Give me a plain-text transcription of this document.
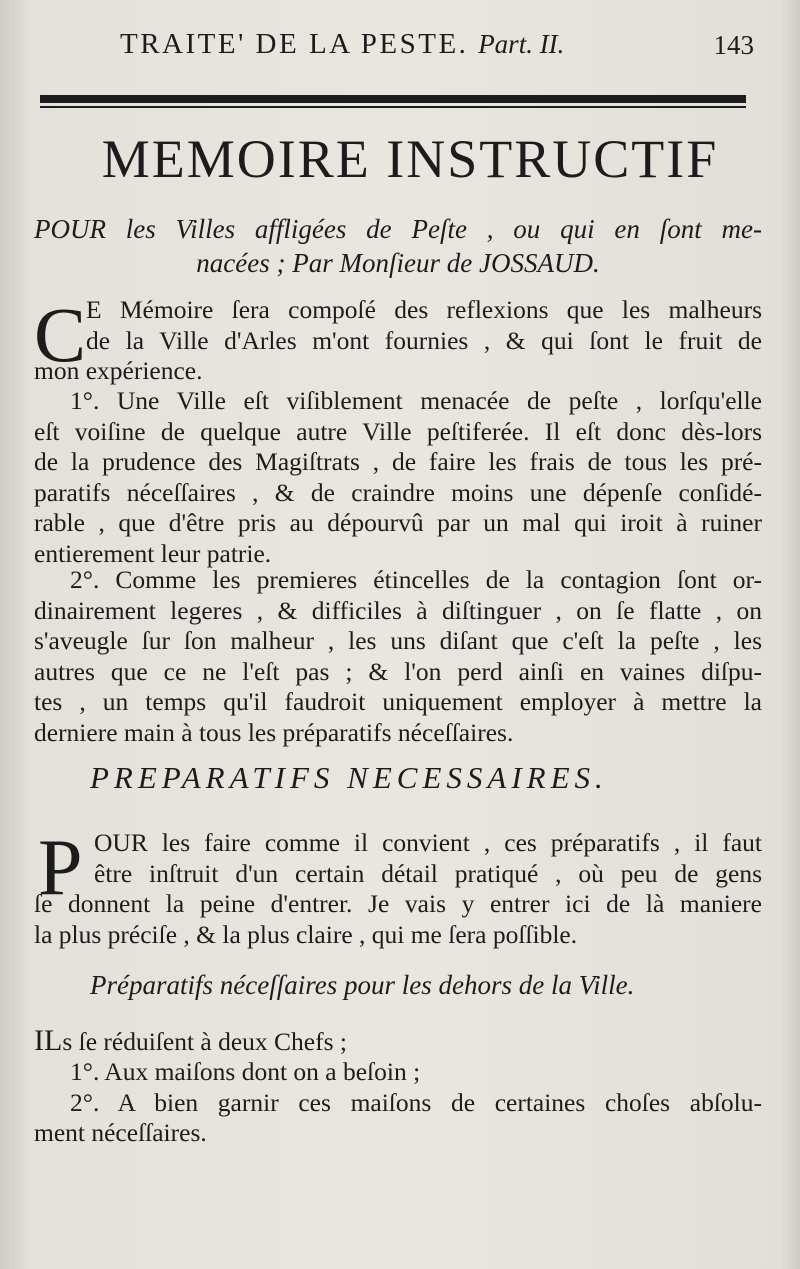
TRAITE' DE LA PESTE. Part. II.	143
MEMOIRE INSTRUCTIF
POUR les Villes affligées de Peſte , ou qui en ſont me-
nacées ; Par Monſieur de JOSSAUD.
C E Mémoire ſera compoſé des reflexions que les malheurs
de la Ville d'Arles m'ont fournies , & qui ſont le fruit de
mon expérience.
1°. Une Ville eſt viſiblement menacée de peſte , lorſqu'elle
eſt voiſine de quelque autre Ville peſtiferée. Il eſt donc dès-lors
de la prudence des Magiſtrats , de faire les frais de tous les pré-
paratifs néceſſaires , & de craindre moins une dépenſe conſidé-
rable , que d'être pris au dépourvû par un mal qui iroit à ruiner
entierement leur patrie.
2°. Comme les premieres étincelles de la contagion ſont or-
dinairement legeres , & difficiles à diſtinguer , on ſe flatte , on
s'aveugle ſur ſon malheur , les uns diſant que c'eſt la peſte , les
autres que ce ne l'eſt pas ; & l'on perd ainſi en vaines diſpu-
tes , un temps qu'il faudroit uniquement employer à mettre la
derniere main à tous les préparatifs néceſſaires.
PREPARATIFS NECESSAIRES.
P OUR les faire comme il convient , ces préparatifs , il faut
être inſtruit d'un certain détail pratiqué , où peu de gens
ſe donnent la peine d'entrer. Je vais y entrer ici de là maniere
la plus préciſe , & la plus claire , qui me ſera poſſible.
Préparatifs néceſſaires pour les dehors de la Ville.
ILs ſe réduiſent à deux Chefs ;
1°. Aux maiſons dont on a beſoin ;
2°. A bien garnir ces maiſons de certaines choſes abſolu-
ment néceſſaires.
